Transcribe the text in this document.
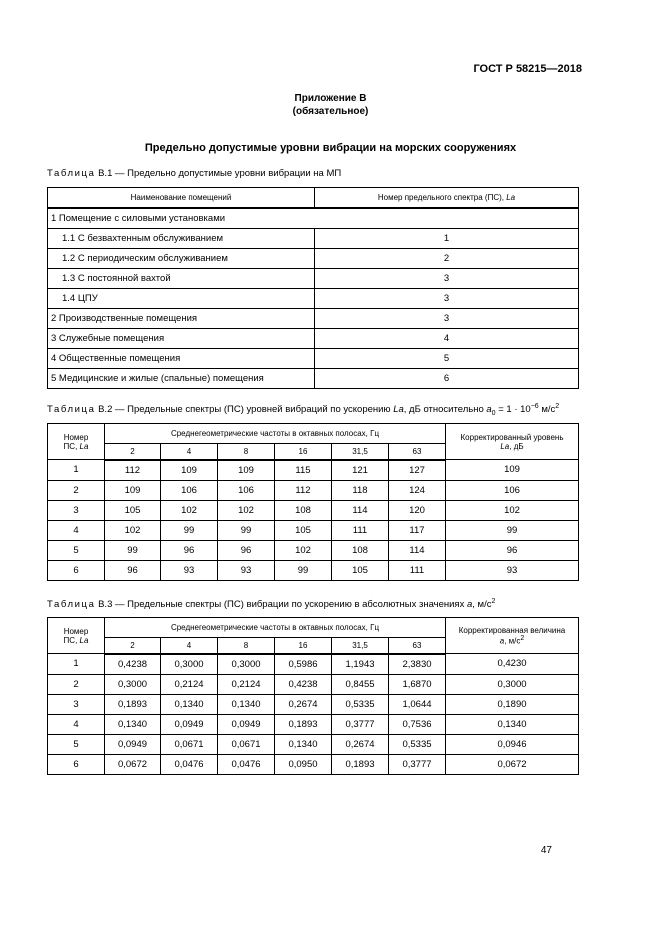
ГОСТ Р 58215—2018
Приложение В
(обязательное)
Предельно допустимые уровни вибрации на морских сооружениях
Таблица В.1 — Предельно допустимые уровни вибрации на МП
Наименование помещений	Номер предельного спектра (ПС), La
1 Помещение с силовыми установками	
1.1 С безвахтенным обслуживанием	1
1.2 С периодическим обслуживанием	2
1.3 С постоянной вахтой	3
1.4 ЦПУ	3
2 Производственные помещения	3
3 Служебные помещения	4
4 Общественные помещения	5
5 Медицинские и жилые (спальные) помещения	6
Таблица В.2 — Предельные спектры (ПС) уровней вибраций по ускорению La, дБ относительно $a_0 = 1 \cdot 10^{-6}$ $м/с^2$
Номер
ПС, La	Среднегеометрические частоты в октавных полосах, Гц						Корректированный уровень
La, дБ
	2	4	8	16	31,5	63	
1	112	109	109	115	121	127	109
2	109	106	106	112	118	124	106
3	105	102	102	108	114	120	102
4	102	99	99	105	111	117	99
5	99	96	96	102	108	114	96
6	96	93	93	99	105	111	93
Таблица В.3 — Предельные спектры (ПС) вибрации по ускорению в абсолютных значениях a, $м/с^2$
Номер
ПС, La	Среднегеометрические частоты в октавных полосах, Гц						Корректированная величина
a, $м/с^2$
	2	4	8	16	31,5	63	
1	0,4238	0,3000	0,3000	0,5986	1,1943	2,3830	0,4230
2	0,3000	0,2124	0,2124	0,4238	0,8455	1,6870	0,3000
3	0,1893	0,1340	0,1340	0,2674	0,5335	1,0644	0,1890
4	0,1340	0,0949	0,0949	0,1893	0,3777	0,7536	0,1340
5	0,0949	0,0671	0,0671	0,1340	0,2674	0,5335	0,0946
6	0,0672	0,0476	0,0476	0,0950	0,1893	0,3777	0,0672
47
